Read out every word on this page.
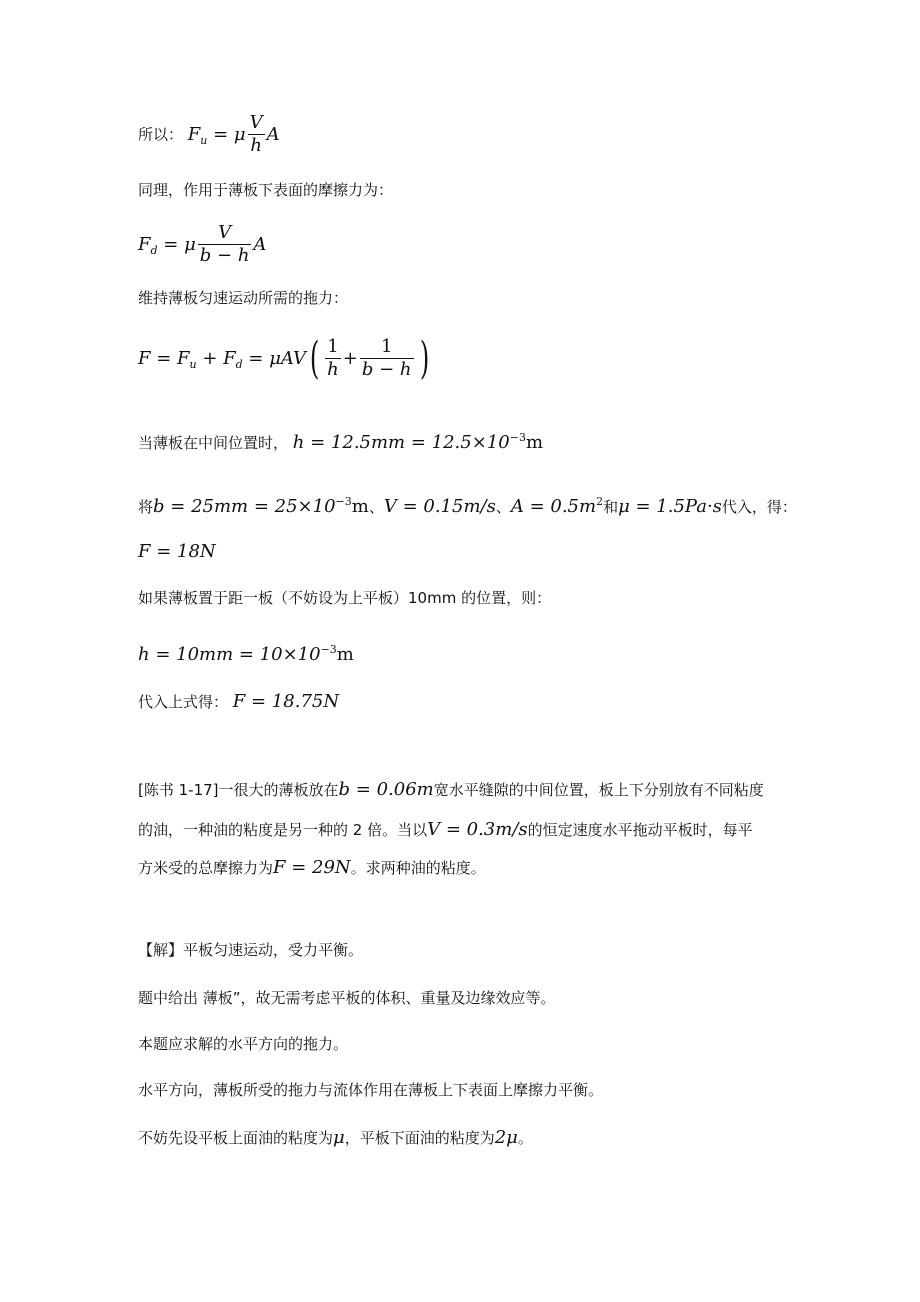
所以： $F_u = \mu \frac{V}{h}$ A
同理，作用于薄板下表面的摩擦力为：
$F_d = \mu \frac{V}{b - h}$ A
维持薄板匀速运动所需的拖力：
$F = F_u + F_d = \mu AV( \frac{1}{h} + \frac{1}{b - h}$ )
当薄板在中间位置时， $h = 12.5mm = 12.5\times 10^{-3}m$
将$b = 25mm = 25\times 10^{-3}m$、V = 0.15m/s、$A = 0.5m^2$和μ = 1.5Pa·s代入，得：
F = 18N
如果薄板置于距一板（不妨设为上平板）10mm 的位置，则：
$h = 10mm = 10\times 10^{-3}m$
代入上式得： F = 18.75N
[陈书 1-17]一很大的薄板放在b = 0.06m宽水平缝隙的中间位置，板上下分别放有不同粘度
的油，一种油的粘度是另一种的 2 倍。当以V = 0.3m/s的恒定速度水平拖动平板时，每平
方米受的总摩擦力为F = 29N。求两种油的粘度。
【解】平板匀速运动，受力平衡。
题中给出 薄板”，故无需考虑平板的体积、重量及边缘效应等。
本题应求解的水平方向的拖力。
水平方向，薄板所受的拖力与流体作用在薄板上下表面上摩擦力平衡。
不妨先设平板上面油的粘度为μ，平板下面油的粘度为2μ。
